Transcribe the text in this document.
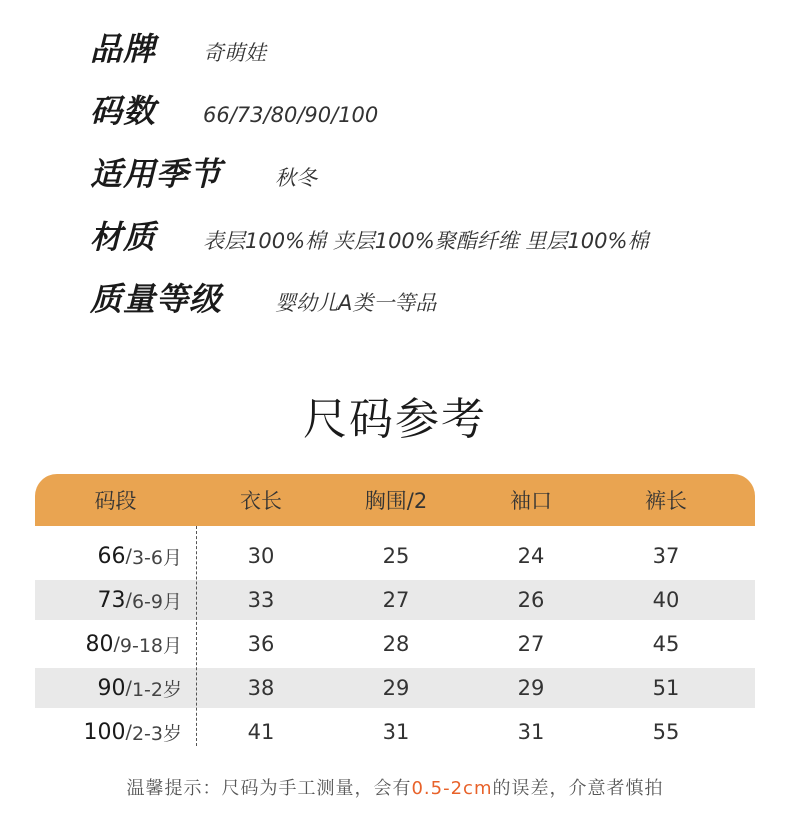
品牌 奇萌娃
码数 66/73/80/90/100
适用季节	秋冬
材质 表层100%棉 夹层100%聚酯纤维 里层100%棉
质量等级	婴幼儿A类一等品
尺码参考
码段	衣长	胸围/2	袖口	裤长
66 / 3-6月	30	25	24	37
73 / 6-9月	33	27	26	40
80 / 9-18月	36	28	27	45
90 / 1-2岁	38	29	29	51
100 / 2-3岁	41	31	31	55
温馨提示：尺码为手工测量，会有0.5-2cm的误差，介意者慎拍
